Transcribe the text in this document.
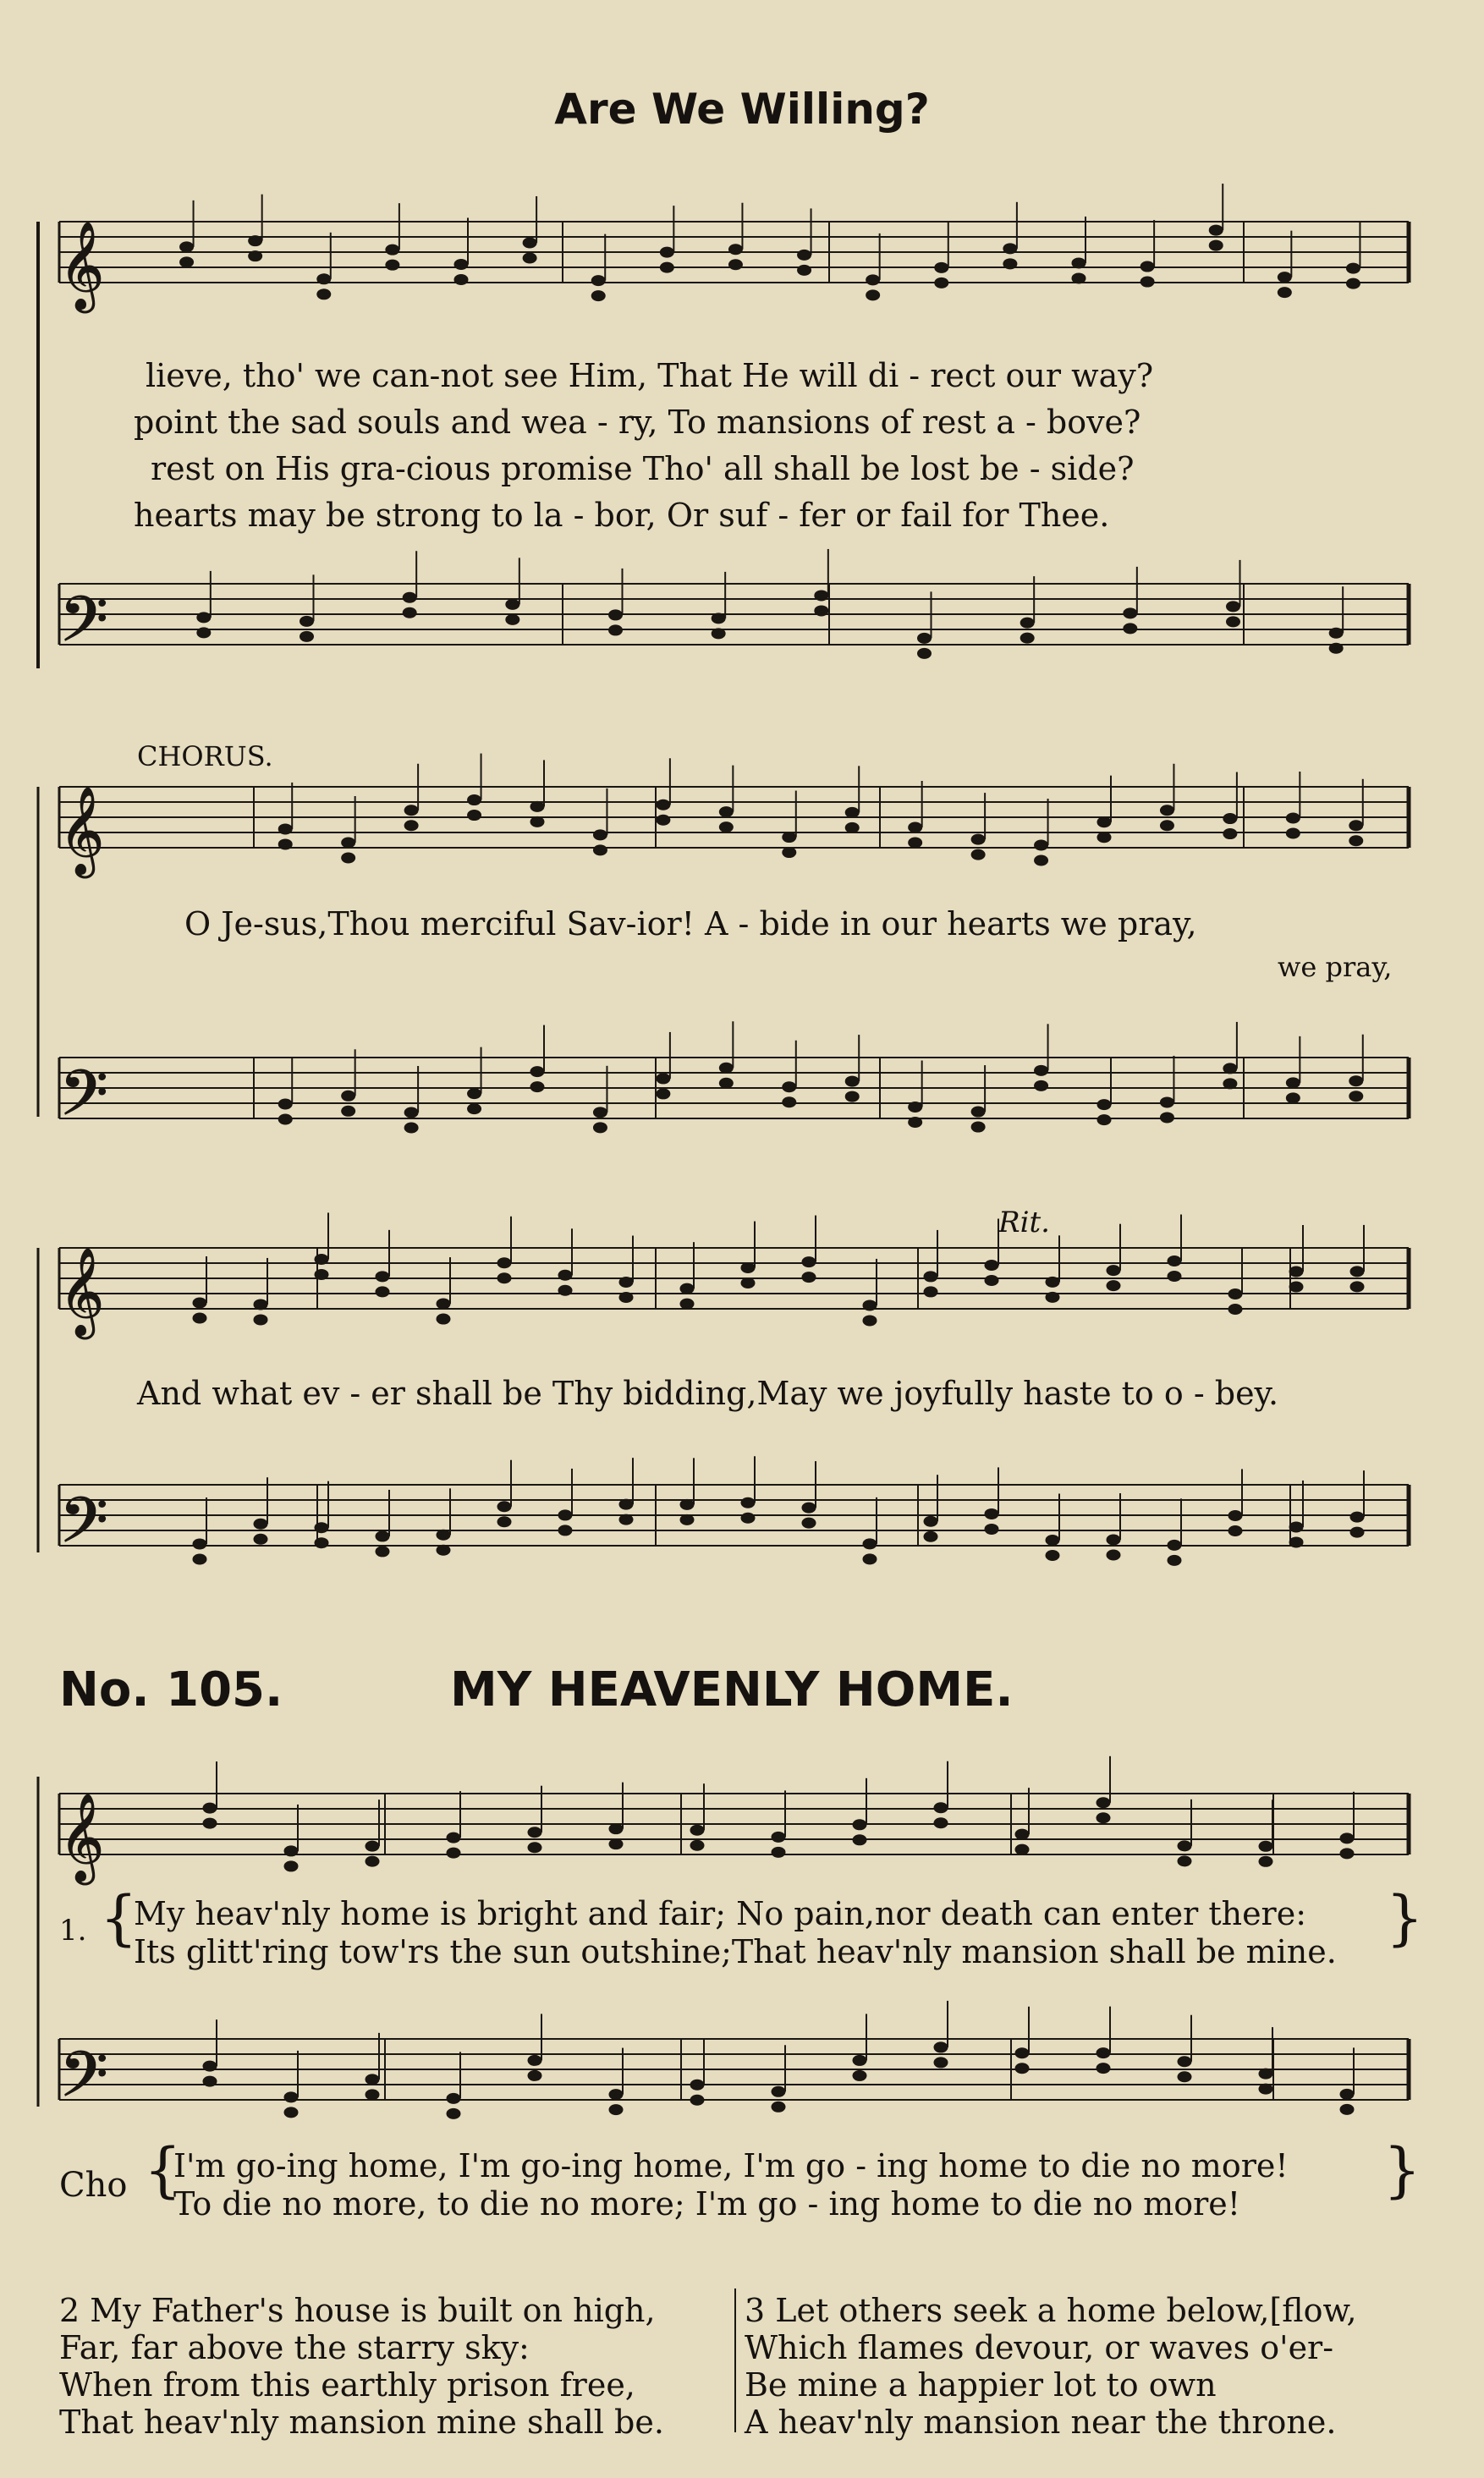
Are We Willing?
𝄞
𝄢
𝄞
𝄢
𝄞
𝄢
𝄞
𝄢
lieve, tho' we can-not see Him, That He will di - rect our way?
point the sad souls and wea - ry, To mansions of rest a - bove?
rest on His gra-cious promise Tho' all shall be lost be - side?
hearts may be strong to la - bor, Or suf - fer or fail for Thee.
CHORUS.
O Je-sus,Thou merciful Sav-ior! A - bide in our hearts we pray,
we pray,
Rit.
And what ev - er shall be Thy bidding,May we joyfully haste to o - bey.
No. 105.	MY HEAVENLY HOME.
1. {
My heav'nly home is bright and fair; No pain,nor death can enter there:
Its glitt'ring tow'rs the sun outshine;That heav'nly mansion shall be mine. }
Cho {
I'm go-ing home, I'm go-ing home, I'm go - ing home to die no more!
To die no more, to die no more; I'm go - ing home to die no more! }
2 My Father's house is built on high,
Far, far above the starry sky:
When from this earthly prison free,
That heav'nly mansion mine shall be.
3 Let others seek a home below,[flow,
Which flames devour, or waves o'er-
Be mine a happier lot to own
A heav'nly mansion near the throne.
